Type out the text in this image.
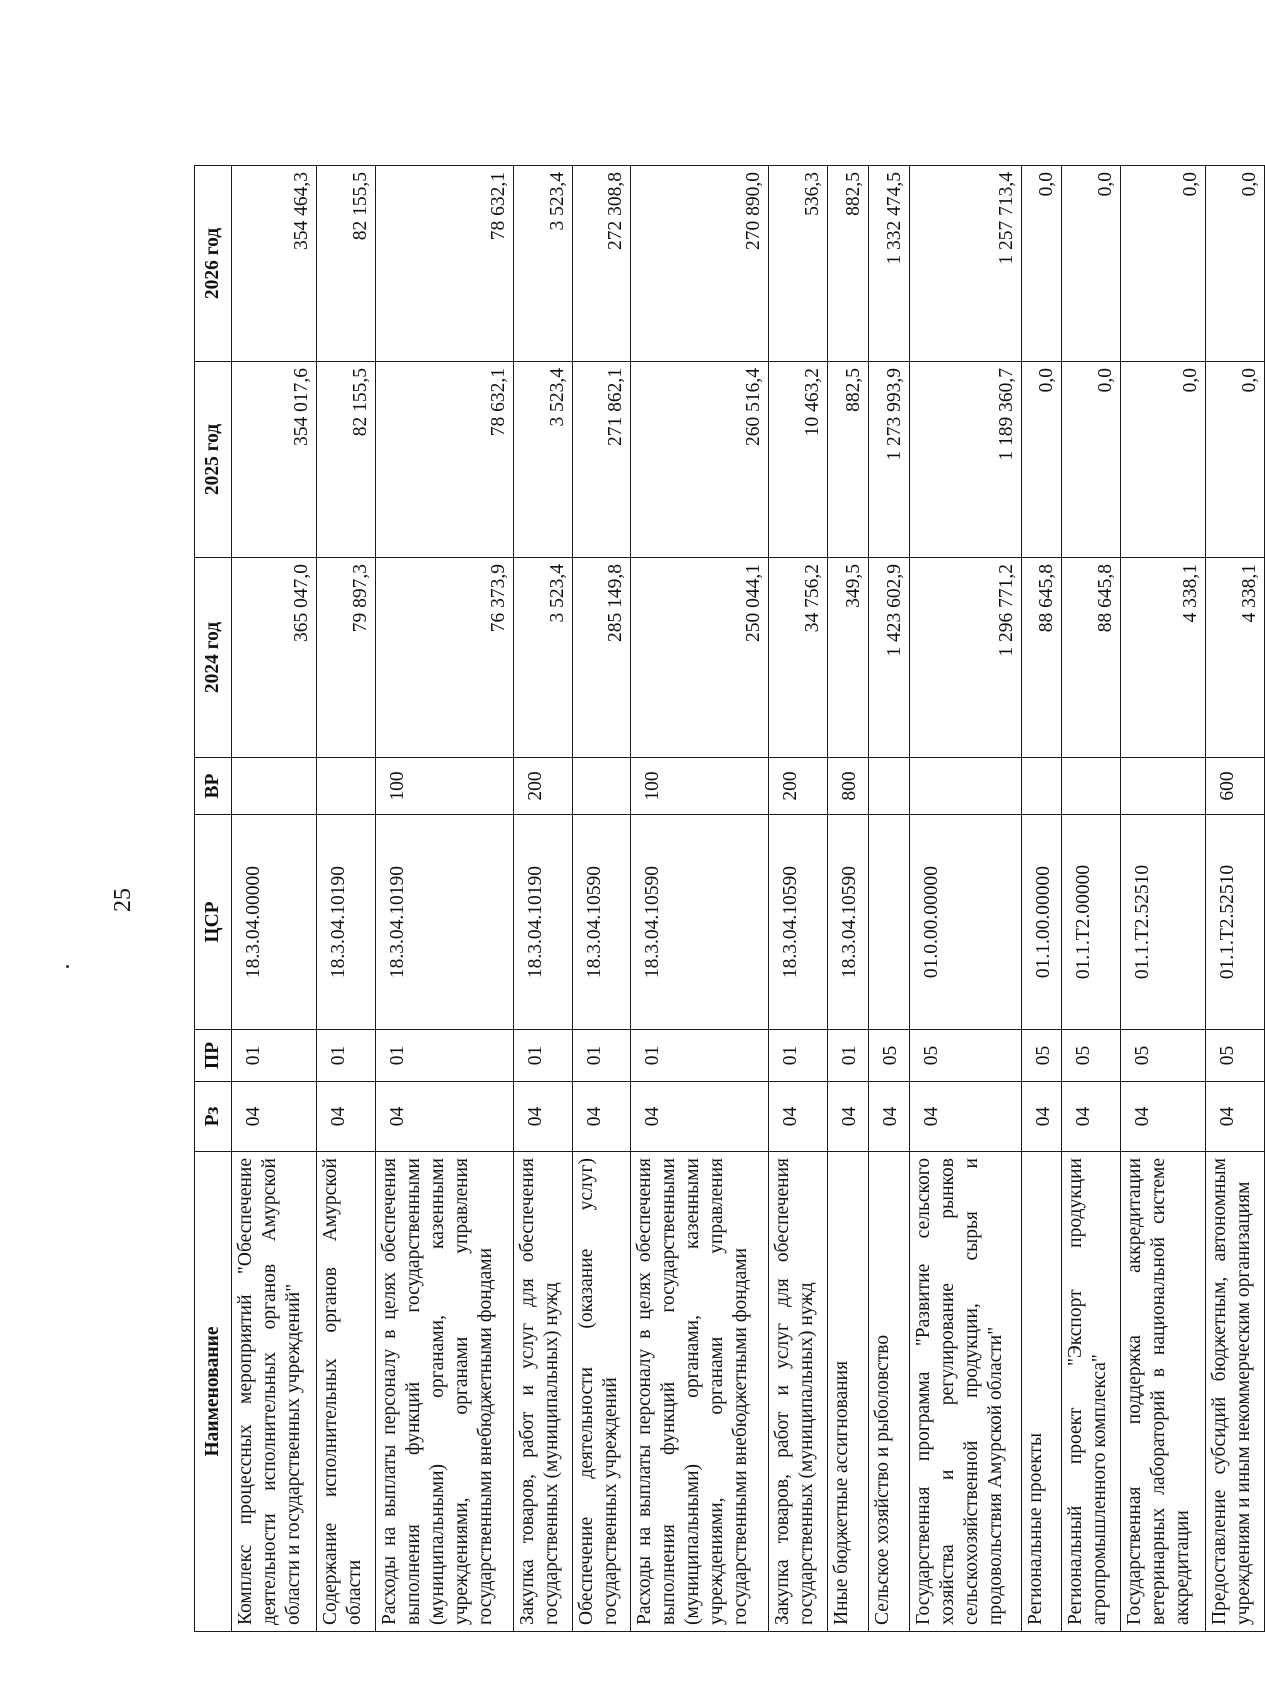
25
Наименование	Рз	ПР	ЦСР	ВР	2024 год	2025 год	2026 год
Комплекс процессных мероприятий "Обеспечение деятельности исполнительных органов Амурской области и государственных учреждений"	04	01	18.3.04.00000		365 047,0	354 017,6	354 464,3
Содержание исполнительных органов Амурской области	04	01	18.3.04.10190		79 897,3	82 155,5	82 155,5
Расходы на выплаты персоналу в целях обеспечения выполнения функций государственными (муниципальными) органами, казенными учреждениями, органами управления государственными внебюджетными фондами	04	01	18.3.04.10190	100	76 373,9	78 632,1	78 632,1
Закупка товаров, работ и услуг для обеспечения государственных (муниципальных) нужд	04	01	18.3.04.10190	200	3 523,4	3 523,4	3 523,4
Обеспечение деятельности (оказание услуг) государственных учреждений	04	01	18.3.04.10590		285 149,8	271 862,1	272 308,8
Расходы на выплаты персоналу в целях обеспечения выполнения функций государственными (муниципальными) органами, казенными учреждениями, органами управления государственными внебюджетными фондами	04	01	18.3.04.10590	100	250 044,1	260 516,4	270 890,0
Закупка товаров, работ и услуг для обеспечения государственных (муниципальных) нужд	04	01	18.3.04.10590	200	34 756,2	10 463,2	536,3
Иные бюджетные ассигнования	04	01	18.3.04.10590	800	349,5	882,5	882,5
Сельское хозяйство и рыболовство	04	05			1 423 602,9	1 273 993,9	1 332 474,5
Государственная программа "Развитие сельского хозяйства и регулирование рынков сельскохозяйственной продукции, сырья и продовольствия Амурской области"	04	05	01.0.00.00000		1 296 771,2	1 189 360,7	1 257 713,4
Региональные проекты	04	05	01.1.00.00000		88 645,8	0,0	0,0
Региональный проект "Экспорт продукции агропромышленного комплекса"	04	05	01.1.T2.00000		88 645,8	0,0	0,0
Государственная поддержка аккредитации ветеринарных лабораторий в национальной системе аккредитации	04	05	01.1.T2.52510		4 338,1	0,0	0,0
Предоставление субсидий бюджетным, автономным учреждениям и иным некоммерческим организациям	04	05	01.1.T2.52510	600	4 338,1	0,0	0,0
